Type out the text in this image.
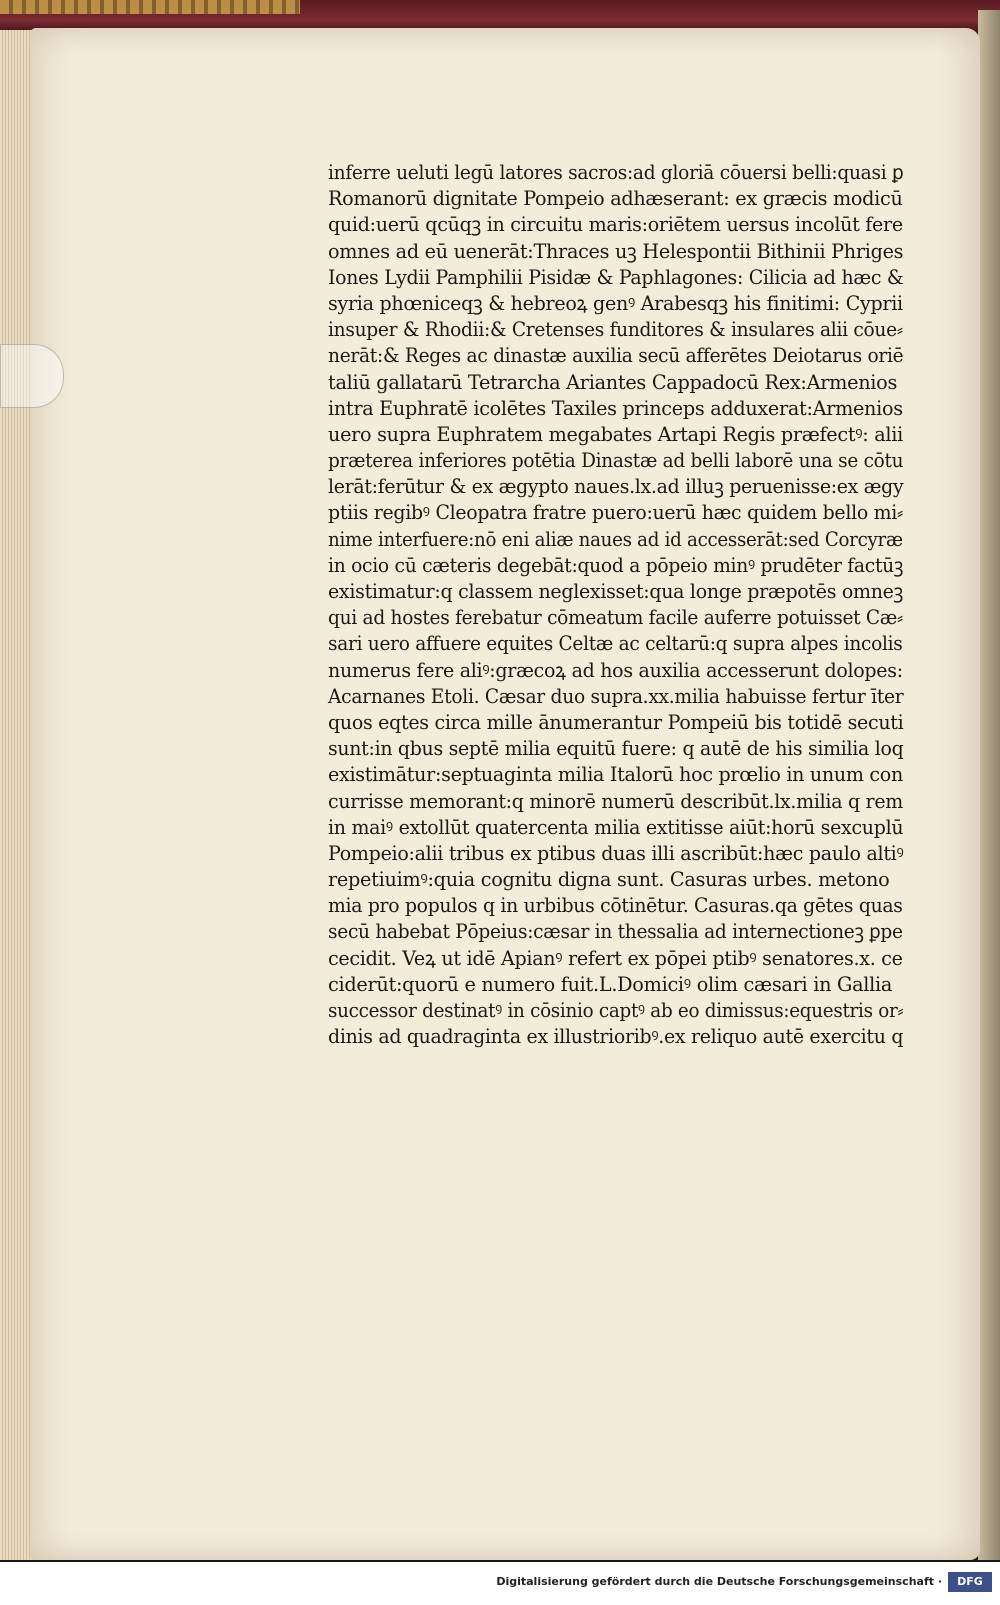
inferre ueluti legū latores sacros:ad gloriā cōuersi belli:quasi ꝑ
Romanorū dignitate Pompeio adhæserant: ex græcis modicū
quid:uerū qcūqꝫ in circuitu maris:oriētem uersus incolūt fere
omnes ad eū uenerāt:Thraces uꝫ Helespontii Bithinii Phriges
Iones Lydii Pamphilii Pisidæ & Paphlagones: Cilicia ad hæc &
syria phœniceqꝫ & hebreoꝝ genꝰ Arabesqꝫ his finitimi: Cyprii
insuper & Rhodii:& Cretenses funditores & insulares alii cōue⸗
nerāt:& Reges ac dinastæ auxilia secū afferētes Deiotarus oriē
taliū gallatarū Tetrarcha Ariantes Cappadocū Rex:Armenios
intra Euphratē icolētes Taxiles princeps adduxerat:Armenios
uero supra Euphratem megabates Artapi Regis præfectꝰ: alii
præterea inferiores potētia Dinastæ ad belli laborē una se cōtu
lerāt:ferūtur & ex ægypto naues.lx.ad illuꝫ peruenisse:ex ægy
ptiis regibꝰ Cleopatra fratre puero:uerū hæc quidem bello mi⸗
nime interfuere:nō eni aliæ naues ad id accesserāt:sed Corcyræ
in ocio cū cæteris degebāt:quod a pōpeio minꝰ prudēter factūꝫ
existimatur:q classem neglexisset:qua longe præpotēs omneꝫ
qui ad hostes ferebatur cōmeatum facile auferre potuisset Cæ⸗
sari uero affuere equites Celtæ ac celtarū:q supra alpes incolis
numerus fere aliꝰ:græcoꝝ ad hos auxilia accesserunt dolopes:
Acarnanes Etoli. Cæsar duo supra.xx.milia habuisse fertur īter
quos eqtes circa mille ānumerantur Pompeiū bis totidē secuti
sunt:in qbus septē milia equitū fuere: q autē de his similia loq
existimātur:septuaginta milia Italorū hoc prœlio in unum con
currisse memorant:q minorē numerū describūt.lx.milia q rem
in maiꝰ extollūt quatercenta milia extitisse aiūt:horū sexcuplū
Pompeio:alii tribus ex ptibus duas illi ascribūt:hæc paulo altiꝰ
repetiuimꝰ:quia cognitu digna sunt. Casuras urbes. metono
mia pro populos q in urbibus cōtinētur. Casuras.qa gētes quas
secū habebat Pōpeius:cæsar in thessalia ad internectioneꝫ ꝑpe
cecidit. Veꝝ ut idē Apianꝰ refert ex pōpei ptibꝰ senatores.x. ce
ciderūt:quorū e numero fuit.L.Domiciꝰ olim cæsari in Gallia
successor destinatꝰ in cōsinio captꝰ ab eo dimissus:equestris or⸗
dinis ad quadraginta ex illustrioribꝰ.ex reliquo autē exercitu q
Digitalisierung gefördert durch die Deutsche Forschungsgemeinschaft ·	DFG
